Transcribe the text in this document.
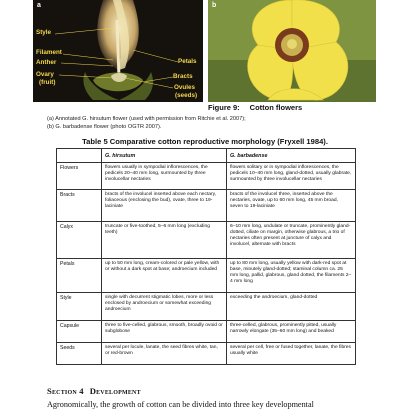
Style
Filament
Anther
Ovary
(fruit)
Petals
Bracts
Ovules
(seeds)
a	b
Figure 9: Cotton flowers
(a) Annotated G. hirsutum flower (used with permission from Ritchie et al. 2007);
(b) G. barbadense flower (photo OGTR 2007).
Table 5 Comparative cotton reproductive morphology (Fryxell 1984).
	G. hirsutum	G. barbadense
Flowers	flowers usually in sympodial inflorescences, the pedicels 20–40 mm long, surmounted by three involucellar nectaries	flowers solitary or in sympodial inflorescences, the pedicels 10–40 mm long, gland-dotted, usually glabrate, surmounted by three involucellar nectaries
Bracts	bracts of the involucel inserted above each nectary, foliaceous (enclosing the bud), ovate, three to 19-laciniate	bracts of the involucel three, inserted above the nectaries, ovate, up to 60 mm long, 45 mm broad, seven to 19-laciniate
Calyx	truncate or five-toothed, 5–6 mm long (excluding teeth)	6–10 mm long, undulate or truncate, prominently gland-dotted, ciliate on margin, otherwise glabrous, a trio of nectaries often present at juncture of calyx and involucel, alternate with bracts
Petals	up to 50 mm long, cream-colored or pale yellow, with or without a dark spot at base; androecium included	up to 80 mm long, usually yellow with dark-red spot at base, minutely gland-dotted; staminal column ca. 25 mm long, pallid, glabrous, gland dotted, the filaments 2–4 mm long
Style	single with decurrent stigmatic lobes, more or less enclosed by androecium or somewhat exceeding androecium	exceeding the androecium, gland-dotted
Capsule	three to five-celled, glabrous, smooth, broadly ovoid or subglobose	three-celled, glabrous, prominently pitted, usually narrowly elongate (35–60 mm long) and beaked
Seeds	several per locule, lanate, the seed fibres white, tan, or red-brown	several per cell, free or fused together, lanate, the fibres usually white
Section 4 Development
Agronomically, the growth of cotton can be divided into three key developmental
